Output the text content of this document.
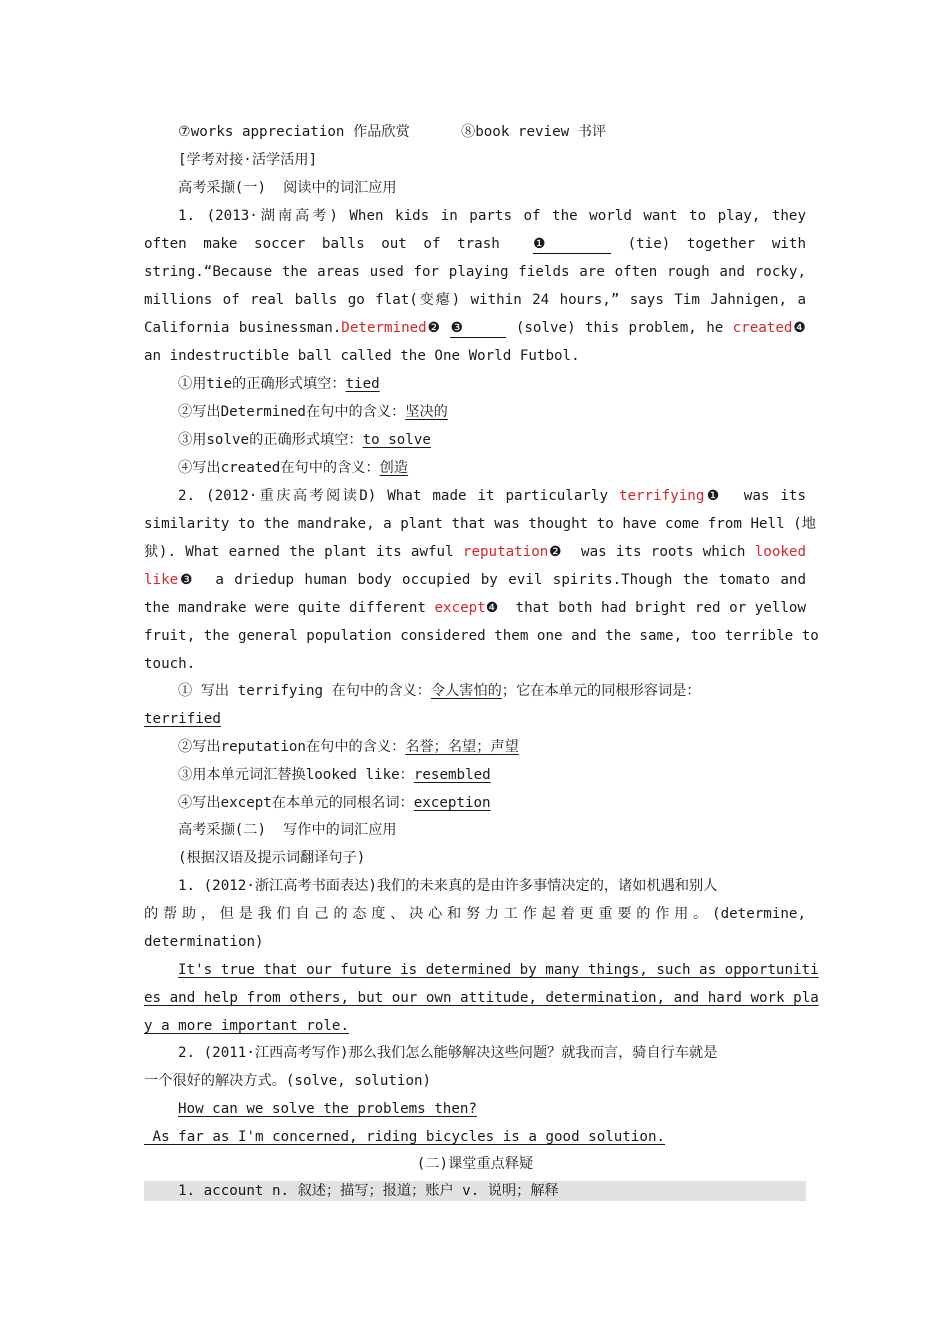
⑦works appreciation 作品欣赏	⑧book review 书评
[学考对接·活学活用]
高考采撷(一)  阅读中的词汇应用
1. (2013·湖南高考) When kids in parts of the world want to play, they
often make soccer balls out of trash  ❶	(tie) together with
string.“Because the areas used for playing fields are often rough and rocky,
millions of real balls go flat(变瘪) within 24 hours,” says Tim Jahnigen, a
California businessman.Determined❷ ❸	(solve) this problem, he created❹
an indestructible ball called the One World Futbol.
①用tie的正确形式填空：tied
②写出Determined在句中的含义：坚决的
③用solve的正确形式填空：to solve
④写出created在句中的含义：创造
2. (2012·重庆高考阅读D) What made it particularly terrifying❶  was its
similarity to the mandrake, a plant that was thought to have come from Hell (地
狱). What earned the plant its awful reputation❷  was its roots which looked
like❸  a driedup human body occupied by evil spirits.Though the tomato and
the mandrake were quite different except❹  that both had bright red or yellow
fruit, the general population considered them one and the same, too terrible to
touch.
① 写出 terrifying 在句中的含义：令人害怕的；它在本单元的同根形容词是：
terrified
②写出reputation在句中的含义：名誉；名望；声望
③用本单元词汇替换looked like：resembled
④写出except在本单元的同根名词：exception
高考采撷(二)  写作中的词汇应用
(根据汉语及提示词翻译句子)
1. (2012·浙江高考书面表达)我们的未来真的是由许多事情决定的，诸如机遇和别人
的帮助，但是我们自己的态度、决心和努力工作起着更重要的作用。(determine,
determination)
It's true that our future is determined by many things, such as opportuniti
es and help from others, but our own attitude, determination, and hard work pla
y a more important role.
2. (2011·江西高考写作)那么我们怎么能够解决这些问题？就我而言，骑自行车就是
一个很好的解决方式。(solve, solution)
How can we solve the problems then?
As far as I'm concerned, riding bicycles is a good solution.
(二)课堂重点释疑
1. account n. 叙述；描写；报道；账户 v. 说明；解释
